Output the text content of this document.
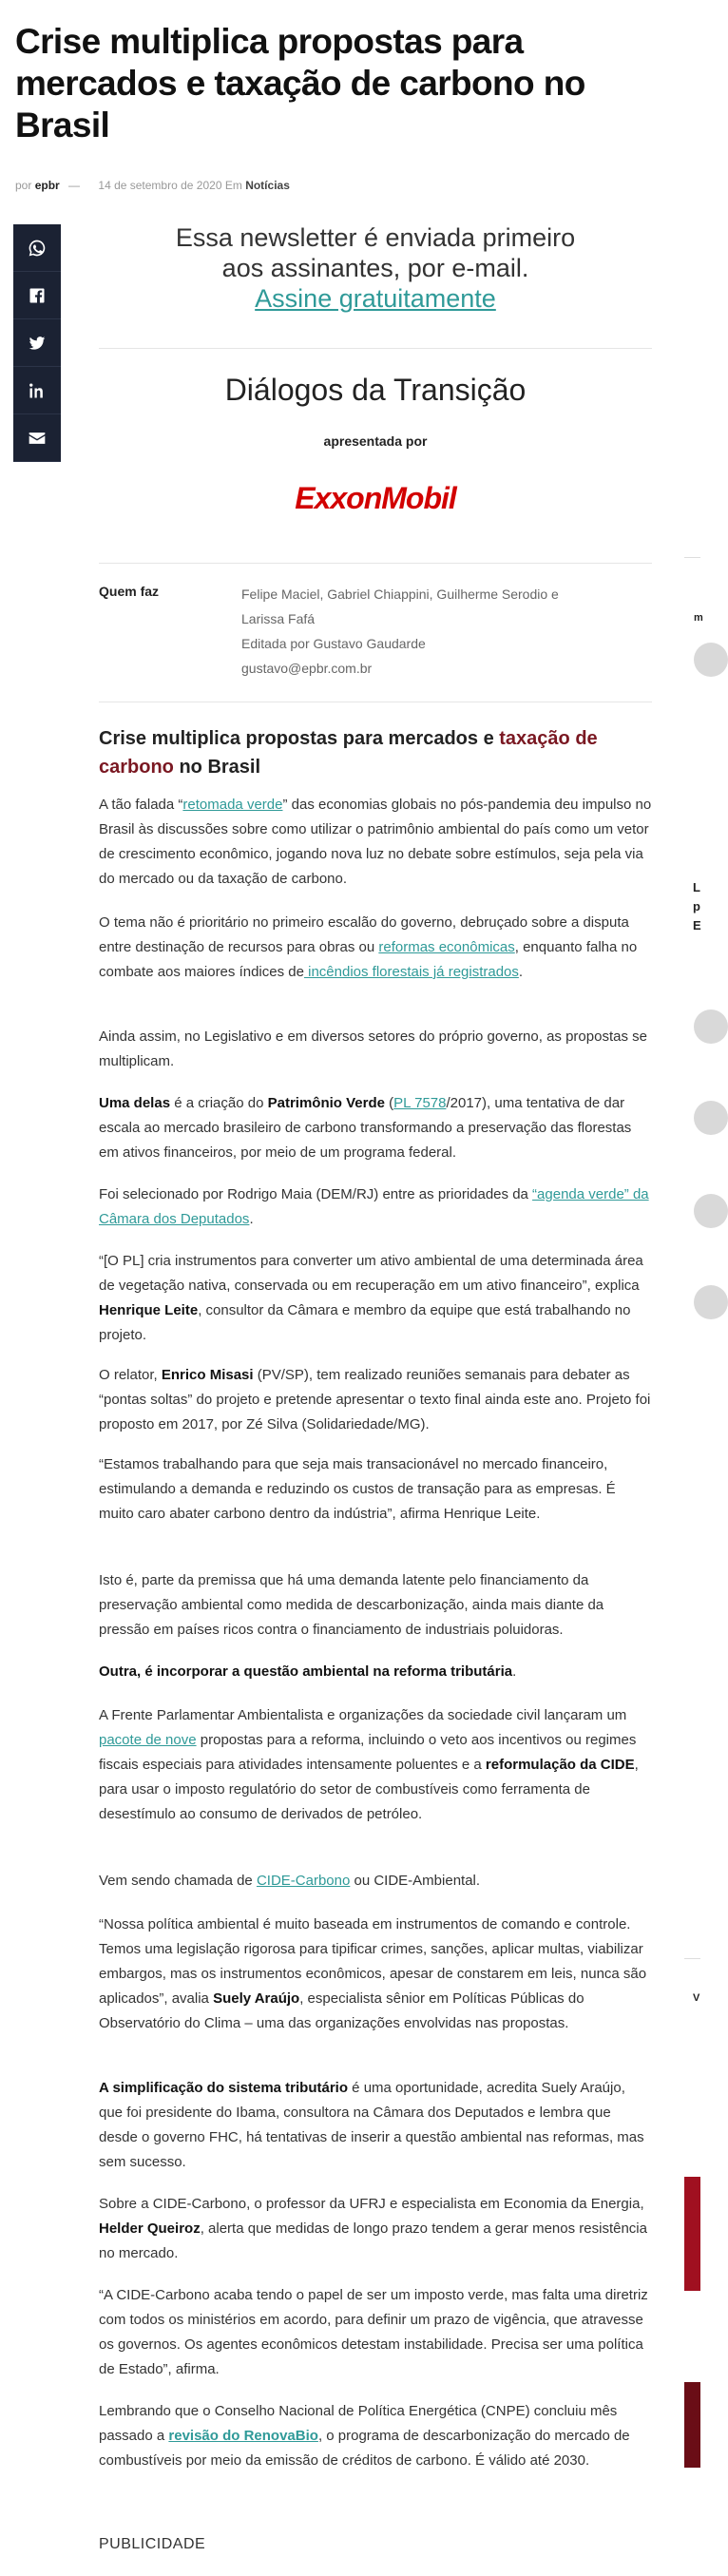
Crise multiplica propostas para mercados e taxação de carbono no Brasil
por epbr — 14 de setembro de 2020 Em Notícias
Essa newsletter é enviada primeiro
aos assinantes, por e-mail.
Assine gratuitamente
Diálogos da Transição
apresentada por
ExxonMobil
Quem faz	Felipe Maciel, Gabriel Chiappini, Guilherme Serodio e
Larissa Fafá
Editada por Gustavo Gaudarde
gustavo@epbr.com.br
Crise multiplica propostas para mercados e taxação de carbono no Brasil

A tão falada “retomada verde” das economias globais no pós-pandemia deu impulso no Brasil às discussões sobre como utilizar o patrimônio ambiental do país como um vetor de crescimento econômico, jogando nova luz no debate sobre estímulos, seja pela via do mercado ou da taxação de carbono.

O tema não é prioritário no primeiro escalão do governo, debruçado sobre a disputa entre destinação de recursos para obras ou reformas econômicas, enquanto falha no combate aos maiores índices de incêndios florestais já registrados.

Ainda assim, no Legislativo e em diversos setores do próprio governo, as propostas se multiplicam.

Uma delas é a criação do Patrimônio Verde (PL 7578/2017), uma tentativa de dar escala ao mercado brasileiro de carbono transformando a preservação das florestas em ativos financeiros, por meio de um programa federal.

Foi selecionado por Rodrigo Maia (DEM/RJ) entre as prioridades da “agenda verde” da Câmara dos Deputados.

“[O PL] cria instrumentos para converter um ativo ambiental de uma determinada área de vegetação nativa, conservada ou em recuperação em um ativo financeiro”, explica Henrique Leite, consultor da Câmara e membro da equipe que está trabalhando no projeto.

O relator, Enrico Misasi (PV/SP), tem realizado reuniões semanais para debater as “pontas soltas” do projeto e pretende apresentar o texto final ainda este ano. Projeto foi proposto em 2017, por Zé Silva (Solidariedade/MG).

“Estamos trabalhando para que seja mais transacionável no mercado financeiro, estimulando a demanda e reduzindo os custos de transação para as empresas. É muito caro abater carbono dentro da indústria”, afirma Henrique Leite.

Isto é, parte da premissa que há uma demanda latente pelo financiamento da preservação ambiental como medida de descarbonização, ainda mais diante da pressão em países ricos contra o financiamento de industriais poluidoras.

Outra, é incorporar a questão ambiental na reforma tributária.

A Frente Parlamentar Ambientalista e organizações da sociedade civil lançaram um pacote de nove propostas para a reforma, incluindo o veto aos incentivos ou regimes fiscais especiais para atividades intensamente poluentes e a reformulação da CIDE, para usar o imposto regulatório do setor de combustíveis como ferramenta de desestímulo ao consumo de derivados de petróleo.

Vem sendo chamada de CIDE-Carbono ou CIDE-Ambiental.

“Nossa política ambiental é muito baseada em instrumentos de comando e controle. Temos uma legislação rigorosa para tipificar crimes, sanções, aplicar multas, viabilizar embargos, mas os instrumentos econômicos, apesar de constarem em leis, nunca são aplicados”, avalia Suely Araújo, especialista sênior em Políticas Públicas do Observatório do Clima – uma das organizações envolvidas nas propostas.

A simplificação do sistema tributário é uma oportunidade, acredita Suely Araújo, que foi presidente do Ibama, consultora na Câmara dos Deputados e lembra que desde o governo FHC, há tentativas de inserir a questão ambiental nas reformas, mas sem sucesso.

Sobre a CIDE-Carbono, o professor da UFRJ e especialista em Economia da Energia, Helder Queiroz, alerta que medidas de longo prazo tendem a gerar menos resistência no mercado.

“A CIDE-Carbono acaba tendo o papel de ser um imposto verde, mas falta uma diretriz com todos os ministérios em acordo, para definir um prazo de vigência, que atravesse os governos. Os agentes econômicos detestam instabilidade. Precisa ser uma política de Estado”, afirma.

Lembrando que o Conselho Nacional de Política Energética (CNPE) concluiu mês passado a revisão do RenovaBio, o programa de descarbonização do mercado de combustíveis por meio da emissão de créditos de carbono. É válido até 2030.

PUBLICIDADE
m
L
p
E
V
